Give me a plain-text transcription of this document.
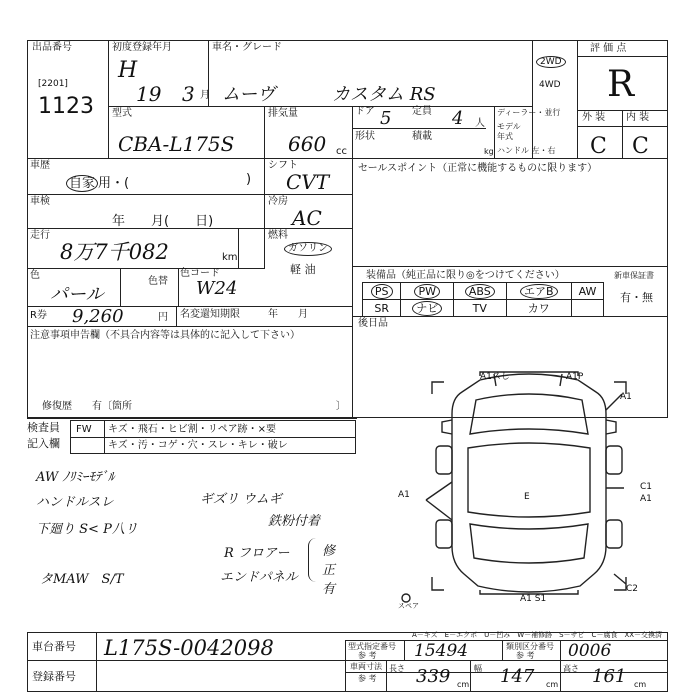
出品番号
[2201]
1123
初度登録年月
H
19 3 月
車名・グレード
ムーヴ	カスタム RS
2WD
4WD
評 価 点
R
型式
CBA-L175S
排気量
660 cc
ドア 5 定員 4 人
形状	積載
kg
ディーラー・並行
モデル
年式
ハンドル 左・右
外 装 内 装
C C
車歴
自家 用・(	)
シフト
CVT
車検
年　　月(　　日)
冷房
AC
走行
8万7千082	km
燃料
ガソリン
軽 油
色
パール
色替
色コード
W24
R券 9,260	円 名変還知期限	年　　月
注意事項申告欄（不具合内容等は具体的に記入して下さい）
修復歴　　有〔箇所	〕
セールスポイント（正常に機能するものに限ります）
装備品（純正品に限り◎をつけてください）	新車保証書
PS	PW	ABS	エアB	AW
SR	ナビ	TV	カワ	
有・無
後日品
検査員
記入欄
FW キズ・飛石・ヒビ割・リペア跡・×要
キズ・汚・コゲ・穴・スレ・キレ・破レ
AW ﾉﾘﾐｰﾓﾃﾞﾙ
ハンドルスレ
下廻り S< P八リ
タMAW　S/T
ギズリ ウムギ
鉄粉付着
R フロアー
エンドパネル
修正 有
A1スし	A1P
A1
E
A1
C1
A1
A1 S1
C2
スペア
A－キズ　E－エクボ　U－凹み　W－補修跡　S－サビ　C－腐食　XX－交換済
車台番号 L175S-0042098
登録番号
型式指定番号
参 考 15494	類別区分番号
参 考 0006
車両寸法
参 考
長さ 339 cm
幅 147 cm
高さ 161 cm
